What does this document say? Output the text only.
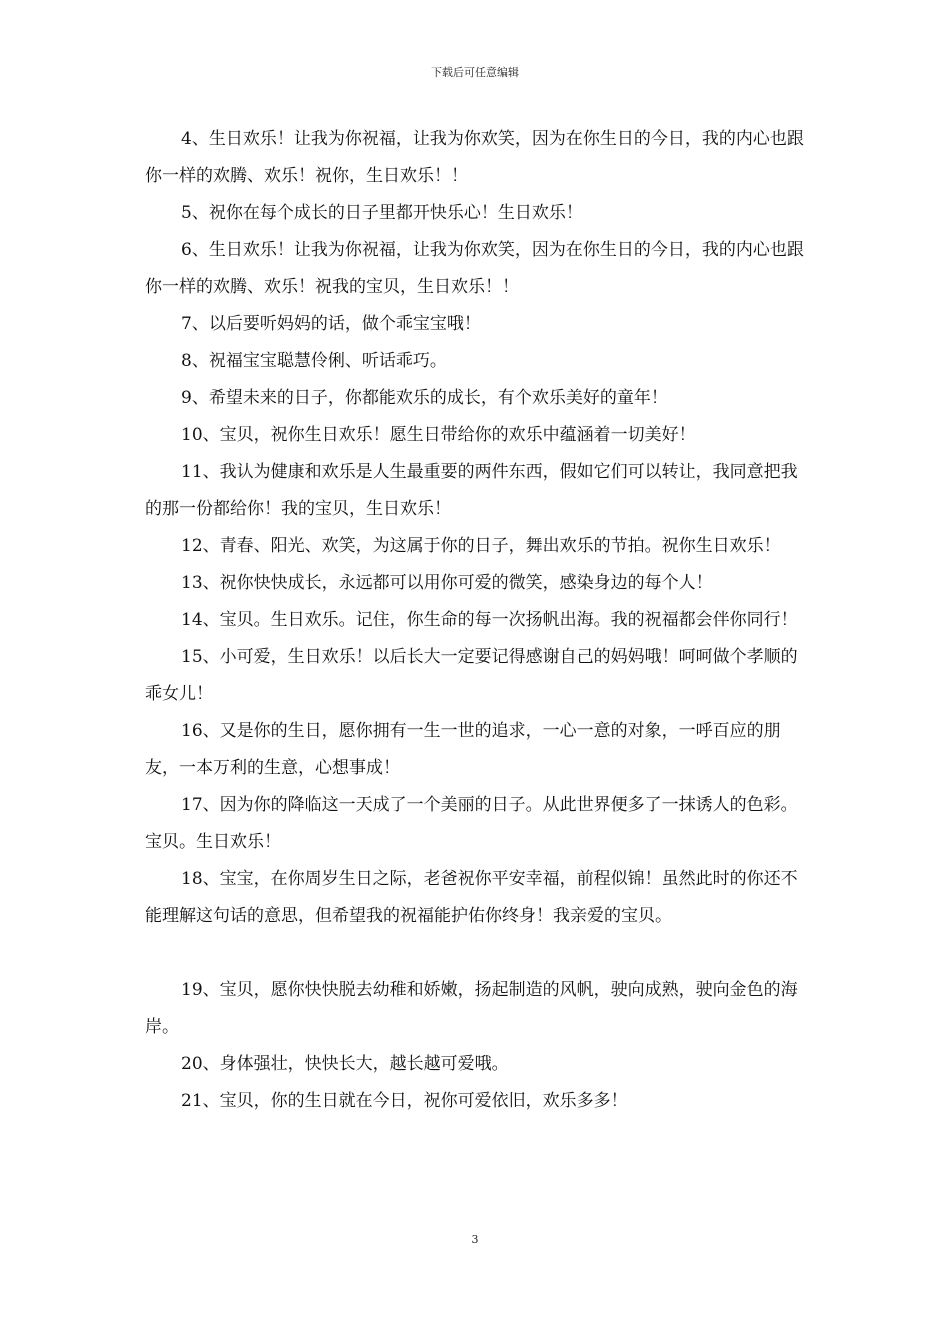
下载后可任意编辑

4、生日欢乐！让我为你祝福，让我为你欢笑，因为在你生日的今日，我的内心也跟你一样的欢腾、欢乐！祝你，生日欢乐！！

5、祝你在每个成长的日子里都开快乐心！生日欢乐！

6、生日欢乐！让我为你祝福，让我为你欢笑，因为在你生日的今日，我的内心也跟你一样的欢腾、欢乐！祝我的宝贝，生日欢乐！！

7、以后要听妈妈的话，做个乖宝宝哦！

8、祝福宝宝聪慧伶俐、听话乖巧。

9、希望未来的日子，你都能欢乐的成长，有个欢乐美好的童年！

10、宝贝，祝你生日欢乐！愿生日带给你的欢乐中蕴涵着一切美好！

11、我认为健康和欢乐是人生最重要的两件东西，假如它们可以转让，我同意把我的那一份都给你！我的宝贝，生日欢乐！

12、青春、阳光、欢笑，为这属于你的日子，舞出欢乐的节拍。祝你生日欢乐！

13、祝你快快成长，永远都可以用你可爱的微笑，感染身边的每个人！

14、宝贝。生日欢乐。记住，你生命的每一次扬帆出海。我的祝福都会伴你同行！

15、小可爱，生日欢乐！以后长大一定要记得感谢自己的妈妈哦！呵呵做个孝顺的乖女儿！

16、又是你的生日，愿你拥有一生一世的追求，一心一意的对象，一呼百应的朋友，一本万利的生意，心想事成！

17、因为你的降临这一天成了一个美丽的日子。从此世界便多了一抹诱人的色彩。宝贝。生日欢乐！

18、宝宝，在你周岁生日之际，老爸祝你平安幸福，前程似锦！虽然此时的你还不能理解这句话的意思，但希望我的祝福能护佑你终身！我亲爱的宝贝。

19、宝贝，愿你快快脱去幼稚和娇嫩，扬起制造的风帆，驶向成熟，驶向金色的海岸。

20、身体强壮，快快长大，越长越可爱哦。

21、宝贝，你的生日就在今日，祝你可爱依旧，欢乐多多！

3
